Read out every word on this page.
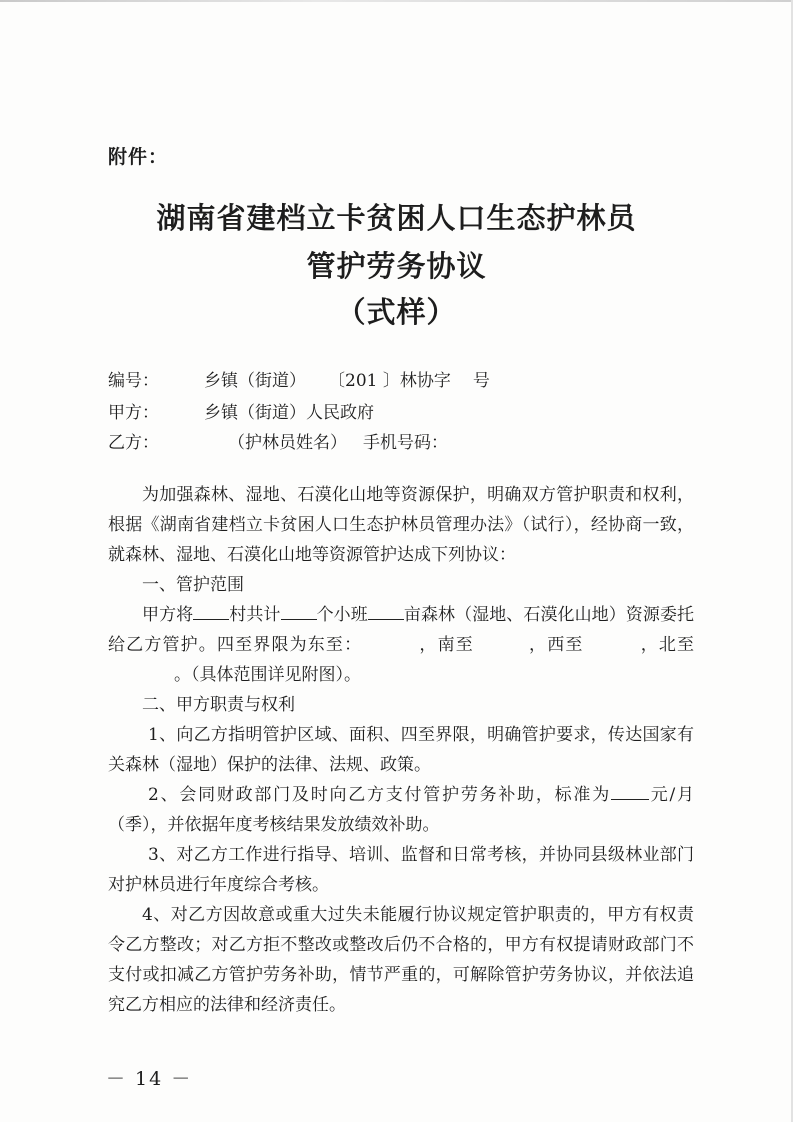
附件：
湖南省建档立卡贫困人口生态护林员
管护劳务协议
（式样）
编号：	乡镇（街道） 〔201 〕林协字 号
甲方：	乡镇（街道）人民政府
乙方：	（护林员姓名） 手机号码：

为加强森林、湿地、石漠化山地等资源保护，明确双方管护职责和权利，根据《湖南省建档立卡贫困人口生态护林员管理办法》（试行），经协商一致，就森林、湿地、石漠化山地等资源管护达成下列协议：

一、管护范围

甲方将 村共计 个小班 亩森林（湿地、石漠化山地）资源委托给乙方管护。四至界限为东至：	，南至	，西至	，北至。（具体范围详见附图）。

二、甲方职责与权利

1、向乙方指明管护区域、面积、四至界限，明确管护要求，传达国家有关森林（湿地）保护的法律、法规、政策。

2、会同财政部门及时向乙方支付管护劳务补助，标准为 元/月（季），并依据年度考核结果发放绩效补助。

3、对乙方工作进行指导、培训、监督和日常考核，并协同县级林业部门对护林员进行年度综合考核。

4、对乙方因故意或重大过失未能履行协议规定管护职责的，甲方有权责令乙方整改；对乙方拒不整改或整改后仍不合格的，甲方有权提请财政部门不支付或扣减乙方管护劳务补助，情节严重的，可解除管护劳务协议，并依法追究乙方相应的法律和经济责任。

－ 14 －
